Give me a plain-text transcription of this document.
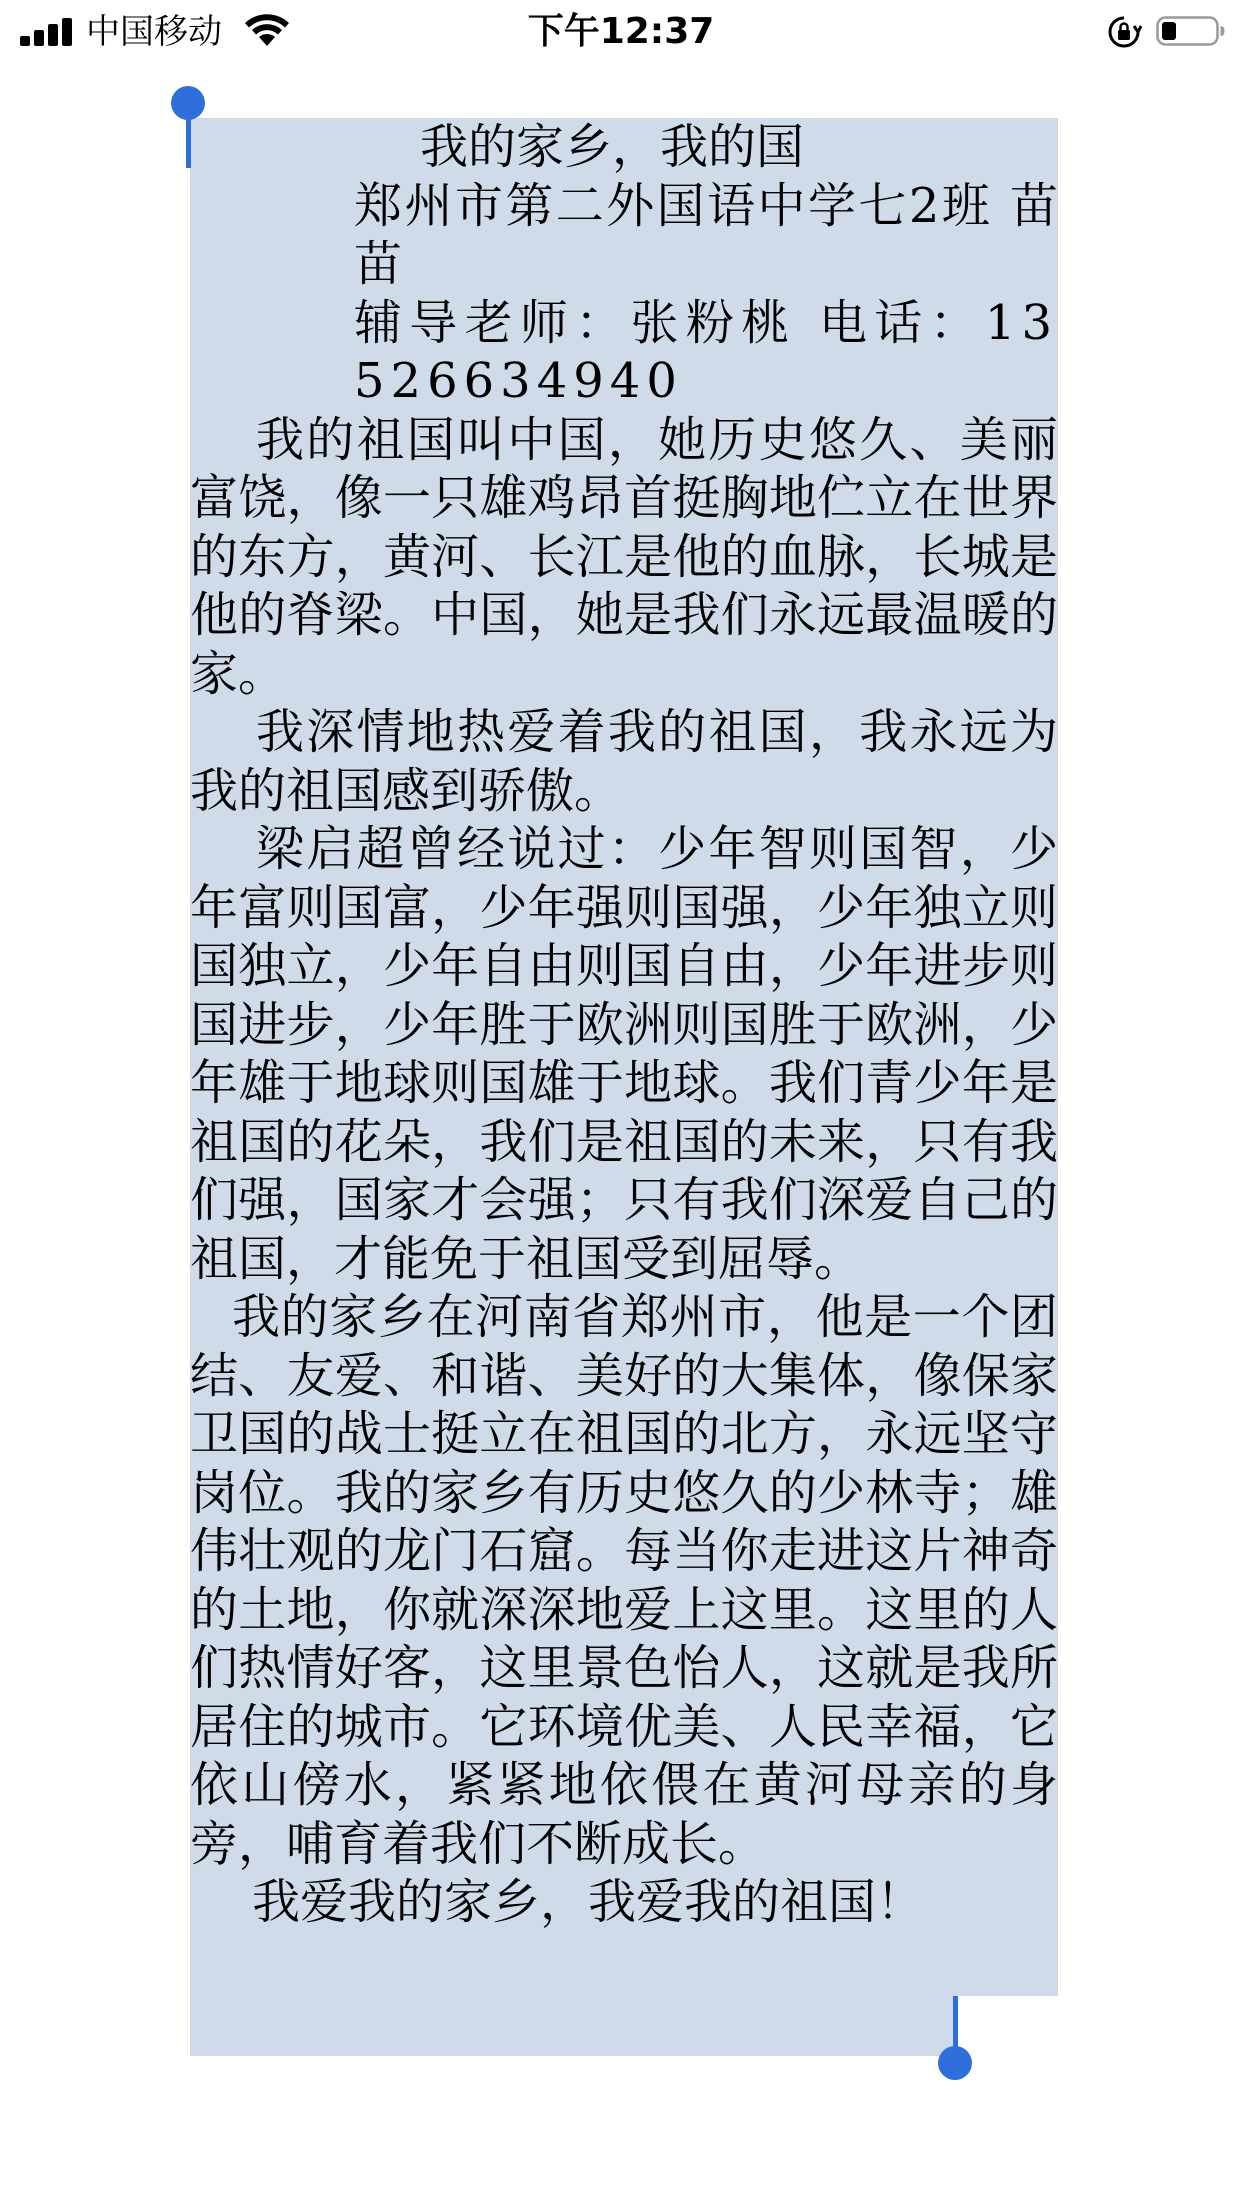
中国移动	下午12:37

我的家乡，我的国

郑州市第二外国语中学七2班 苗苗

辅导老师：张粉桃 电话：13526634940

我的祖国叫中国，她历史悠久、美丽富饶，像一只雄鸡昂首挺胸地伫立在世界的东方，黄河、长江是他的血脉，长城是他的脊梁。中国，她是我们永远最温暖的家。

我深情地热爱着我的祖国，我永远为我的祖国感到骄傲。

梁启超曾经说过：少年智则国智，少年富则国富，少年强则国强，少年独立则国独立，少年自由则国自由，少年进步则国进步，少年胜于欧洲则国胜于欧洲，少年雄于地球则国雄于地球。我们青少年是祖国的花朵，我们是祖国的未来，只有我们强，国家才会强；只有我们深爱自己的祖国，才能免于祖国受到屈辱。

我的家乡在河南省郑州市，他是一个团结、友爱、和谐、美好的大集体，像保家卫国的战士挺立在祖国的北方，永远坚守岗位。我的家乡有历史悠久的少林寺；雄伟壮观的龙门石窟。每当你走进这片神奇的土地，你就深深地爱上这里。这里的人们热情好客，这里景色怡人，这就是我所居住的城市。它环境优美、人民幸福，它依山傍水，紧紧地依偎在黄河母亲的身旁，哺育着我们不断成长。

我爱我的家乡，我爱我的祖国！
